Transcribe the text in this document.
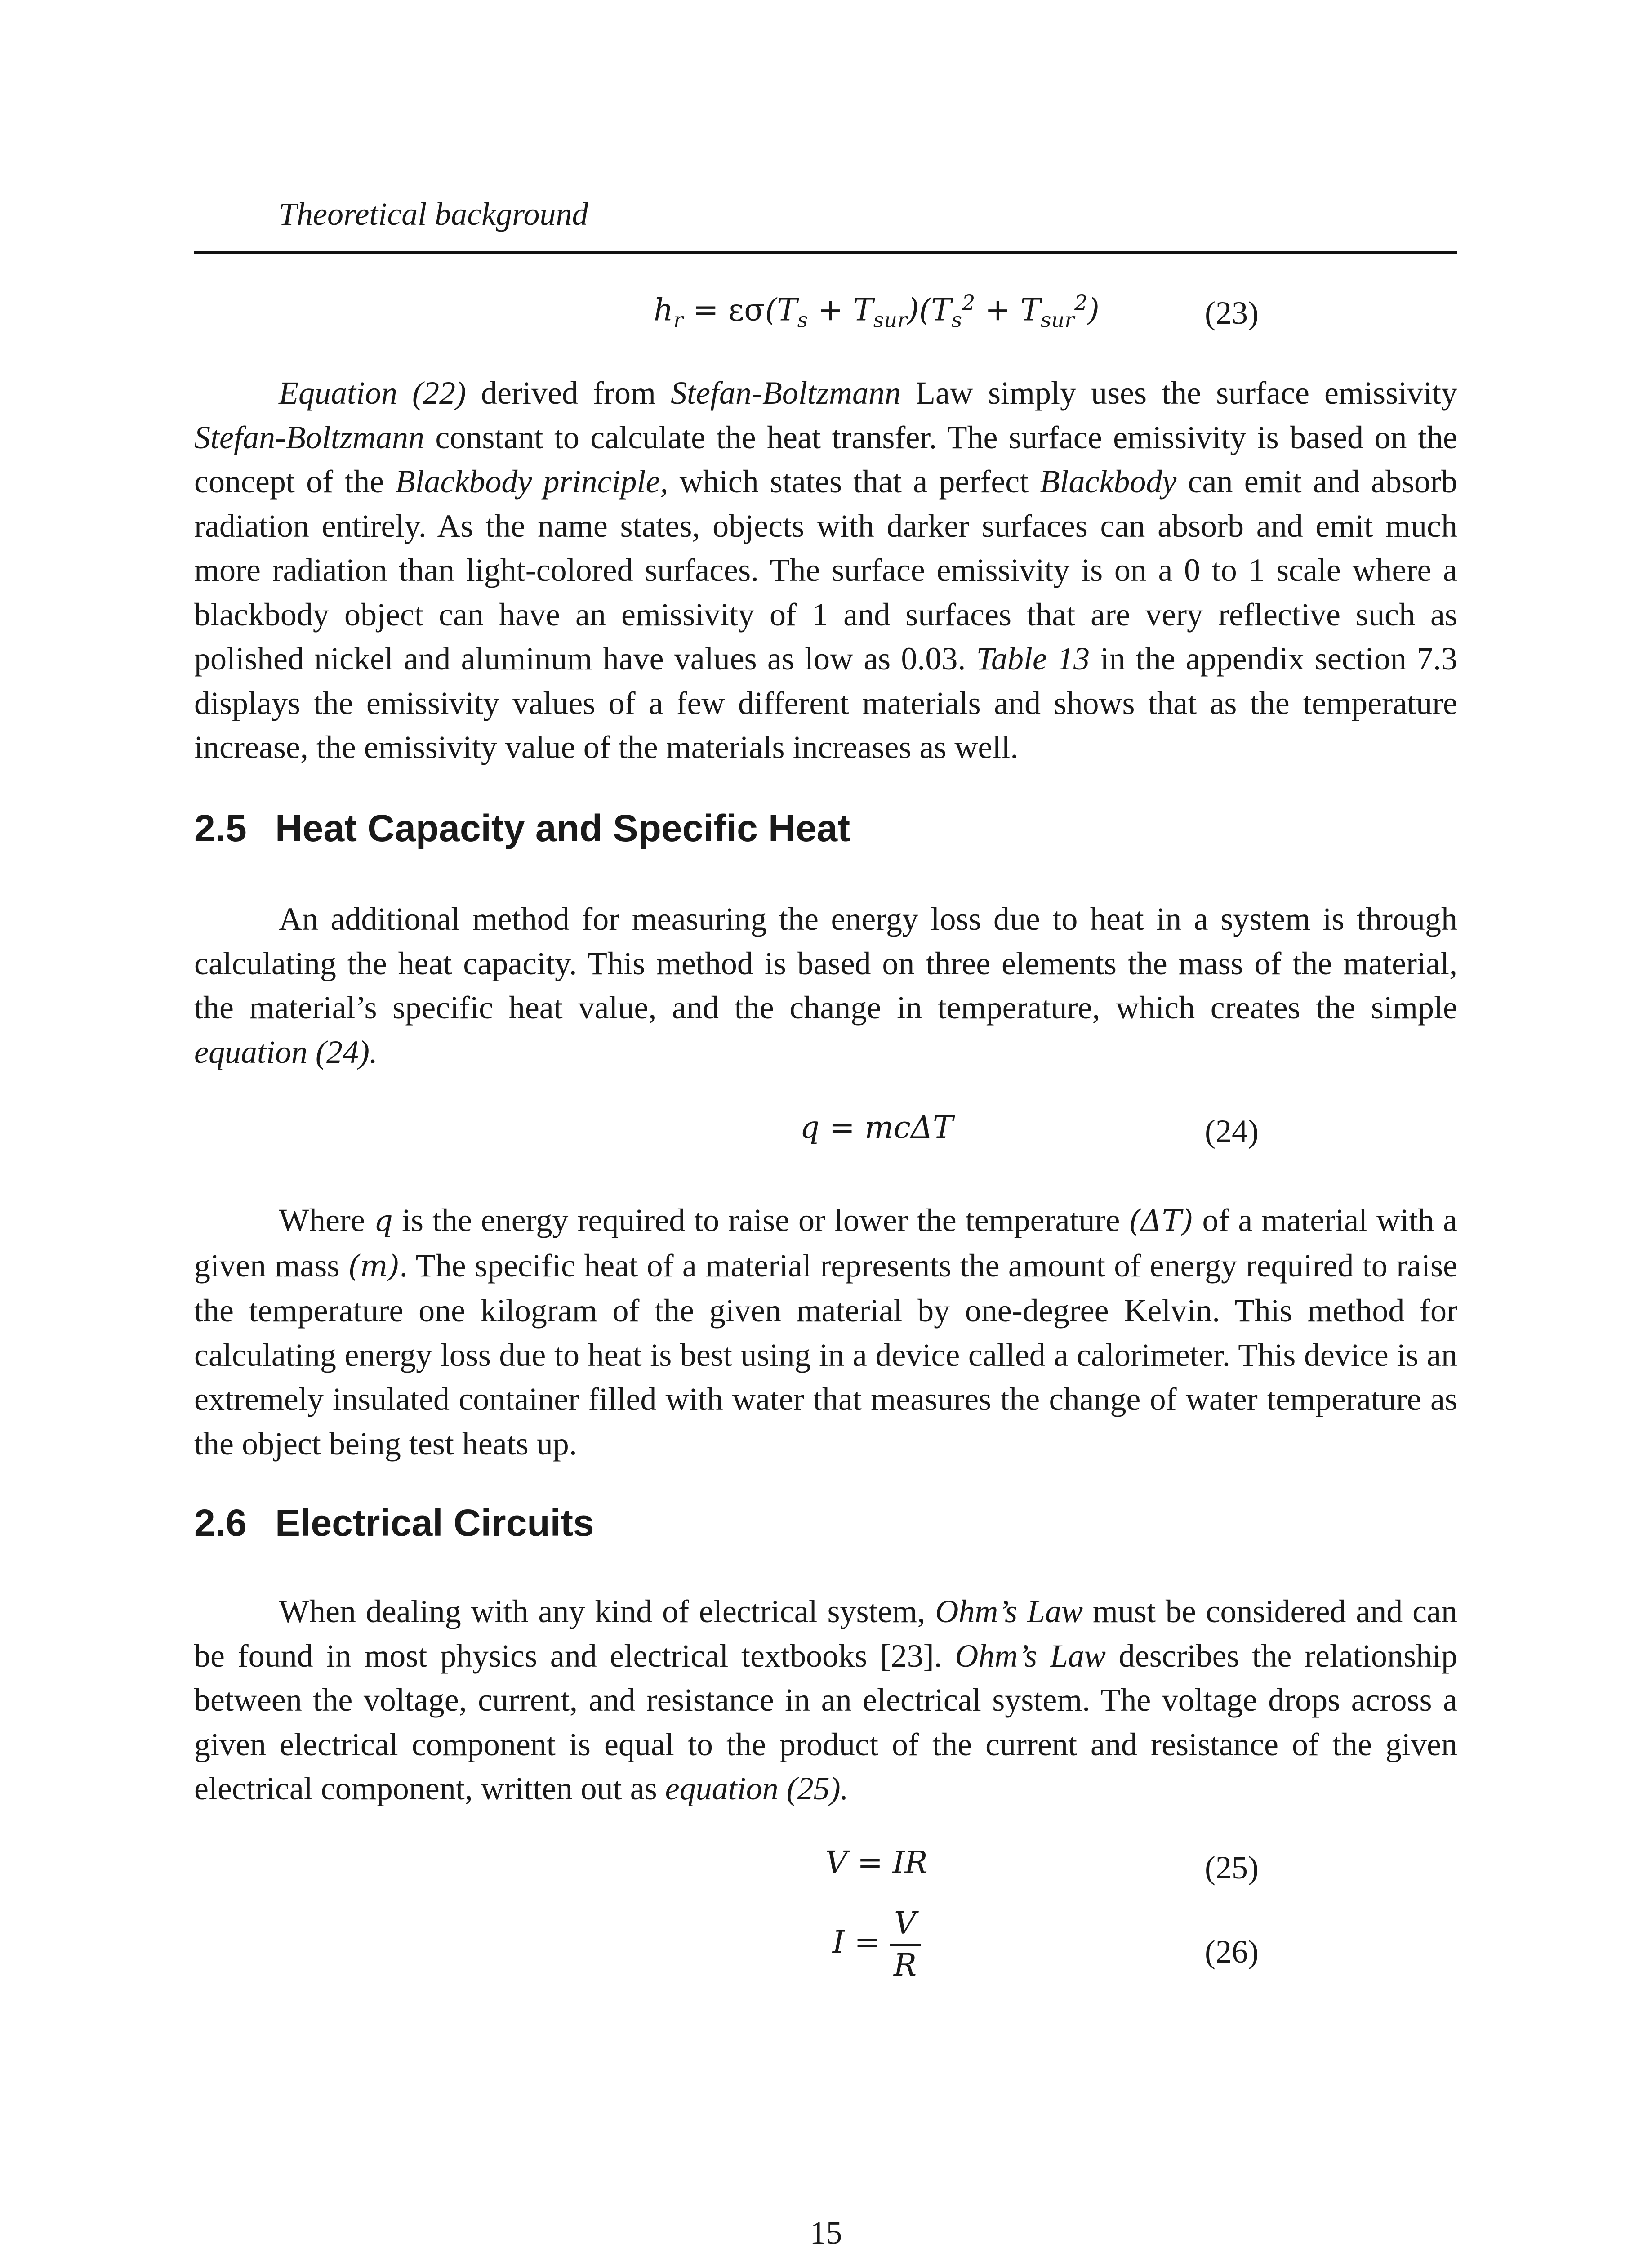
Theoretical background
$h_r = \varepsilon\sigma(T_s + T_{sur})(T_s^2 + T_{sur}^2)$	(23)

Equation (22) derived from Stefan-Boltzmann Law simply uses the surface emissivity Stefan-Boltzmann constant to calculate the heat transfer. The surface emissivity is based on the concept of the Blackbody principle, which states that a perfect Blackbody can emit and absorb radiation entirely. As the name states, objects with darker surfaces can absorb and emit much more radiation than light-colored surfaces. The surface emissivity is on a 0 to 1 scale where a blackbody object can have an emissivity of 1 and surfaces that are very reflective such as polished nickel and aluminum have values as low as 0.03. Table 13 in the appendix section 7.3 displays the emissivity values of a few different materials and shows that as the temperature increase, the emissivity value of the materials increases as well.

2.5 Heat Capacity and Specific Heat

An additional method for measuring the energy loss due to heat in a system is through calculating the heat capacity. This method is based on three elements the mass of the material, the material’s specific heat value, and the change in temperature, which creates the simple equation (24).

q = mcΔT	(24)

Where q is the energy required to raise or lower the temperature (ΔT) of a material with a given mass (m). The specific heat of a material represents the amount of energy required to raise the temperature one kilogram of the given material by one-degree Kelvin. This method for calculating energy loss due to heat is best using in a device called a calorimeter. This device is an extremely insulated container filled with water that measures the change of water temperature as the object being test heats up.

2.6 Electrical Circuits

When dealing with any kind of electrical system, Ohm’s Law must be considered and can be found in most physics and electrical textbooks [23]. Ohm’s Law describes the relationship between the voltage, current, and resistance in an electrical system. The voltage drops across a given electrical component is equal to the product of the current and resistance of the given electrical component, written out as equation (25).

V = IR	(25)
$I = \frac{V}{R}$	(26)
15
